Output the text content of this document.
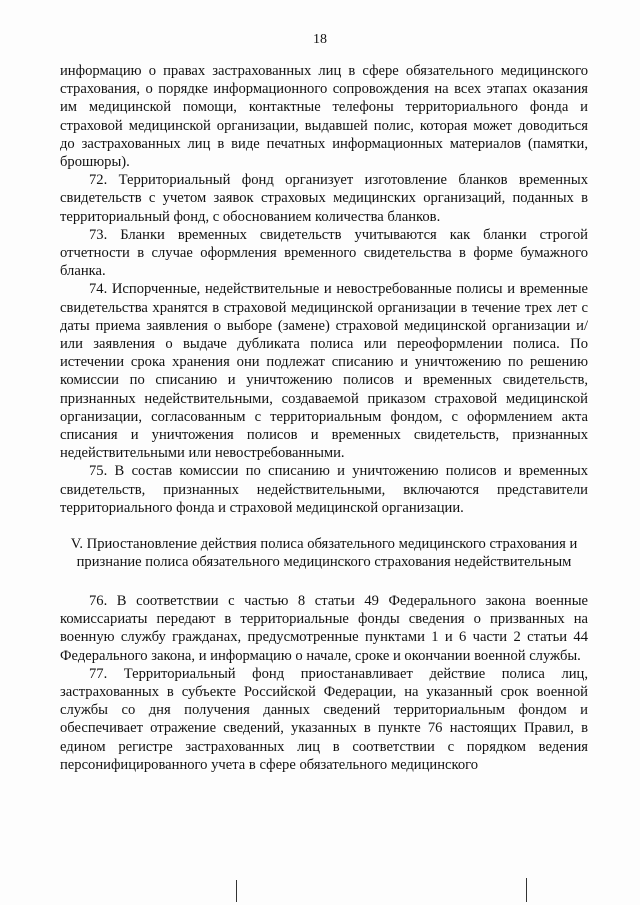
18

информацию о правах застрахованных лиц в сфере обязательного медицинского страхования, о порядке информационного сопровождения на всех этапах оказания им медицинской помощи, контактные телефоны территориального фонда и страховой медицинской организации, выдавшей полис, которая может доводиться до застрахованных лиц в виде печатных информационных материалов (памятки, брошюры).

72. Территориальный фонд организует изготовление бланков временных свидетельств с учетом заявок страховых медицинских организаций, поданных в территориальный фонд, с обоснованием количества бланков.

73. Бланки временных свидетельств учитываются как бланки строгой отчетности в случае оформления временного свидетельства в форме бумажного бланка.

74. Испорченные, недействительные и невостребованные полисы и временные свидетельства хранятся в страховой медицинской организации в течение трех лет с даты приема заявления о выборе (замене) страховой медицинской организации и/или заявления о выдаче дубликата полиса или переоформлении полиса. По истечении срока хранения они подлежат списанию и уничтожению по решению комиссии по списанию и уничтожению полисов и временных свидетельств, признанных недействительными, создаваемой приказом страховой медицинской организации, согласованным с территориальным фондом, с оформлением акта списания и уничтожения полисов и временных свидетельств, признанных недействительными или невостребованными.

75. В состав комиссии по списанию и уничтожению полисов и временных свидетельств, признанных недействительными, включаются представители территориального фонда и страховой медицинской организации.

V. Приостановление действия полиса обязательного медицинского страхования и признание полиса обязательного медицинского страхования недействительным

76. В соответствии с частью 8 статьи 49 Федерального закона военные комиссариаты передают в территориальные фонды сведения о призванных на военную службу гражданах, предусмотренные пунктами 1 и 6 части 2 статьи 44 Федерального закона, и информацию о начале, сроке и окончании военной службы.

77. Территориальный фонд приостанавливает действие полиса лиц, застрахованных в субъекте Российской Федерации, на указанный срок военной службы со дня получения данных сведений территориальным фондом и обеспечивает отражение сведений, указанных в пункте 76 настоящих Правил, в едином регистре застрахованных лиц в соответствии с порядком ведения персонифицированного учета в сфере обязательного медицинского
